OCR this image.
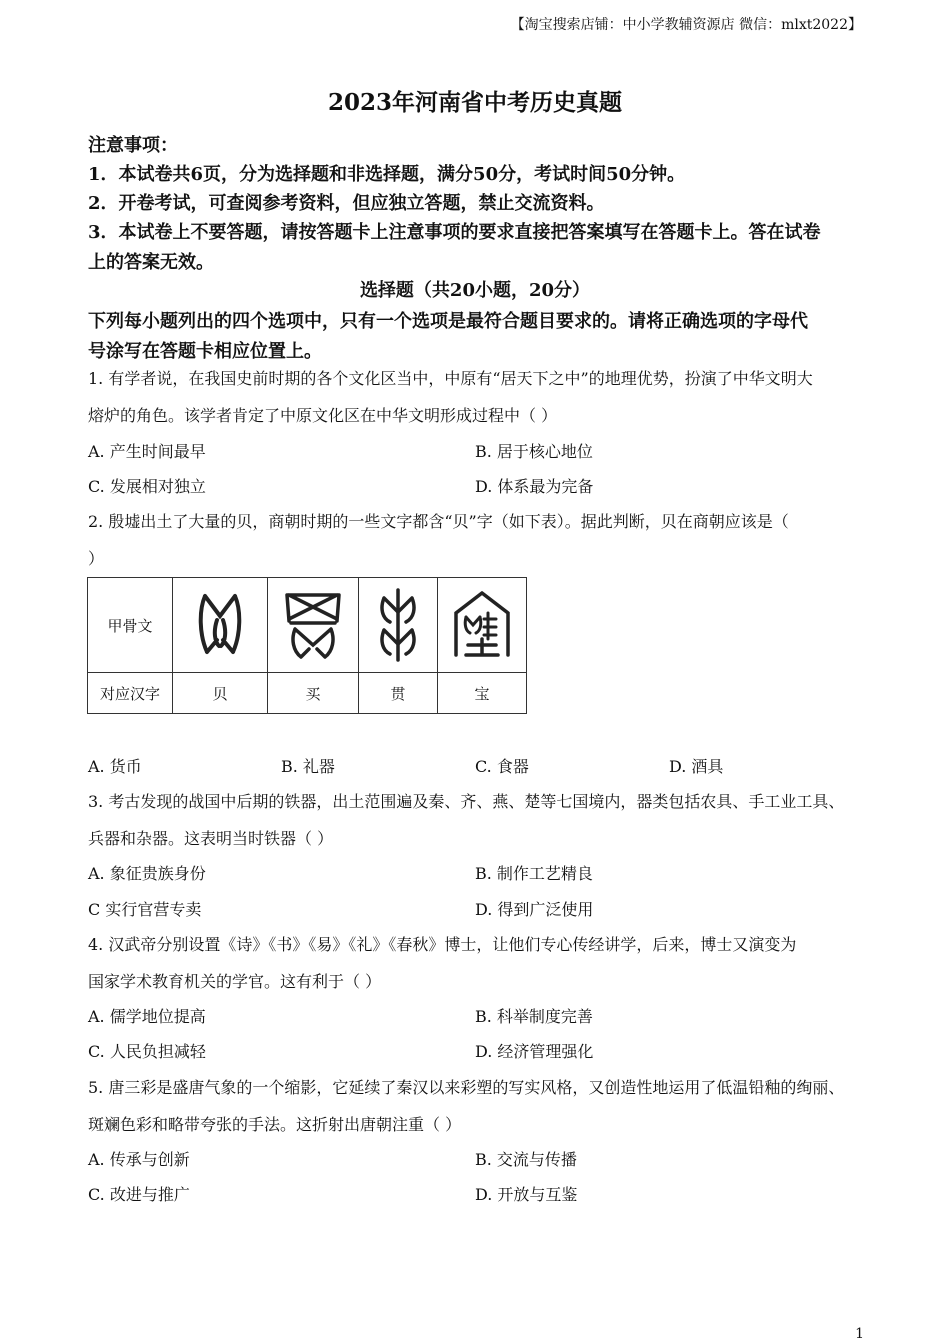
【淘宝搜索店铺：中小学教辅资源店 微信：mlxt2022】
2023年河南省中考历史真题
注意事项：
1．本试卷共6页，分为选择题和非选择题，满分50分，考试时间50分钟。
2．开卷考试，可查阅参考资料，但应独立答题，禁止交流资料。
3．本试卷上不要答题，请按答题卡上注意事项的要求直接把答案填写在答题卡上。答在试卷
上的答案无效。
选择题（共20小题，20分）
下列每小题列出的四个选项中，只有一个选项是最符合题目要求的。请将正确选项的字母代
号涂写在答题卡相应位置上。
1. 有学者说，在我国史前时期的各个文化区当中，中原有“居天下之中”的地理优势，扮演了中华文明大
熔炉的角色。该学者肯定了中原文化区在中华文明形成过程中（ ）
A. 产生时间最早	B. 居于核心地位
C. 发展相对独立	D. 体系最为完备
2. 殷墟出土了大量的贝，商朝时期的一些文字都含“贝”字（如下表）。据此判断，贝在商朝应该是（
）
甲骨文	

对应汉字	贝	买	贯	宝
A. 货币	B. 礼器	C. 食器	D. 酒具
3. 考古发现的战国中后期的铁器，出土范围遍及秦、齐、燕、楚等七国境内，器类包括农具、手工业工具、
兵器和杂器。这表明当时铁器（ ）
A. 象征贵族身份	B. 制作工艺精良
C 实行官营专卖	D. 得到广泛使用
4. 汉武帝分别设置《诗》《书》《易》《礼》《春秋》博士，让他们专心传经讲学，后来，博士又演变为
国家学术教育机关的学官。这有利于（ ）
A. 儒学地位提高	B. 科举制度完善
C. 人民负担减轻	D. 经济管理强化
5. 唐三彩是盛唐气象的一个缩影，它延续了秦汉以来彩塑的写实风格，又创造性地运用了低温铅釉的绚丽、
斑斓色彩和略带夸张的手法。这折射出唐朝注重（ ）
A. 传承与创新	B. 交流与传播
C. 改进与推广	D. 开放与互鉴
1
